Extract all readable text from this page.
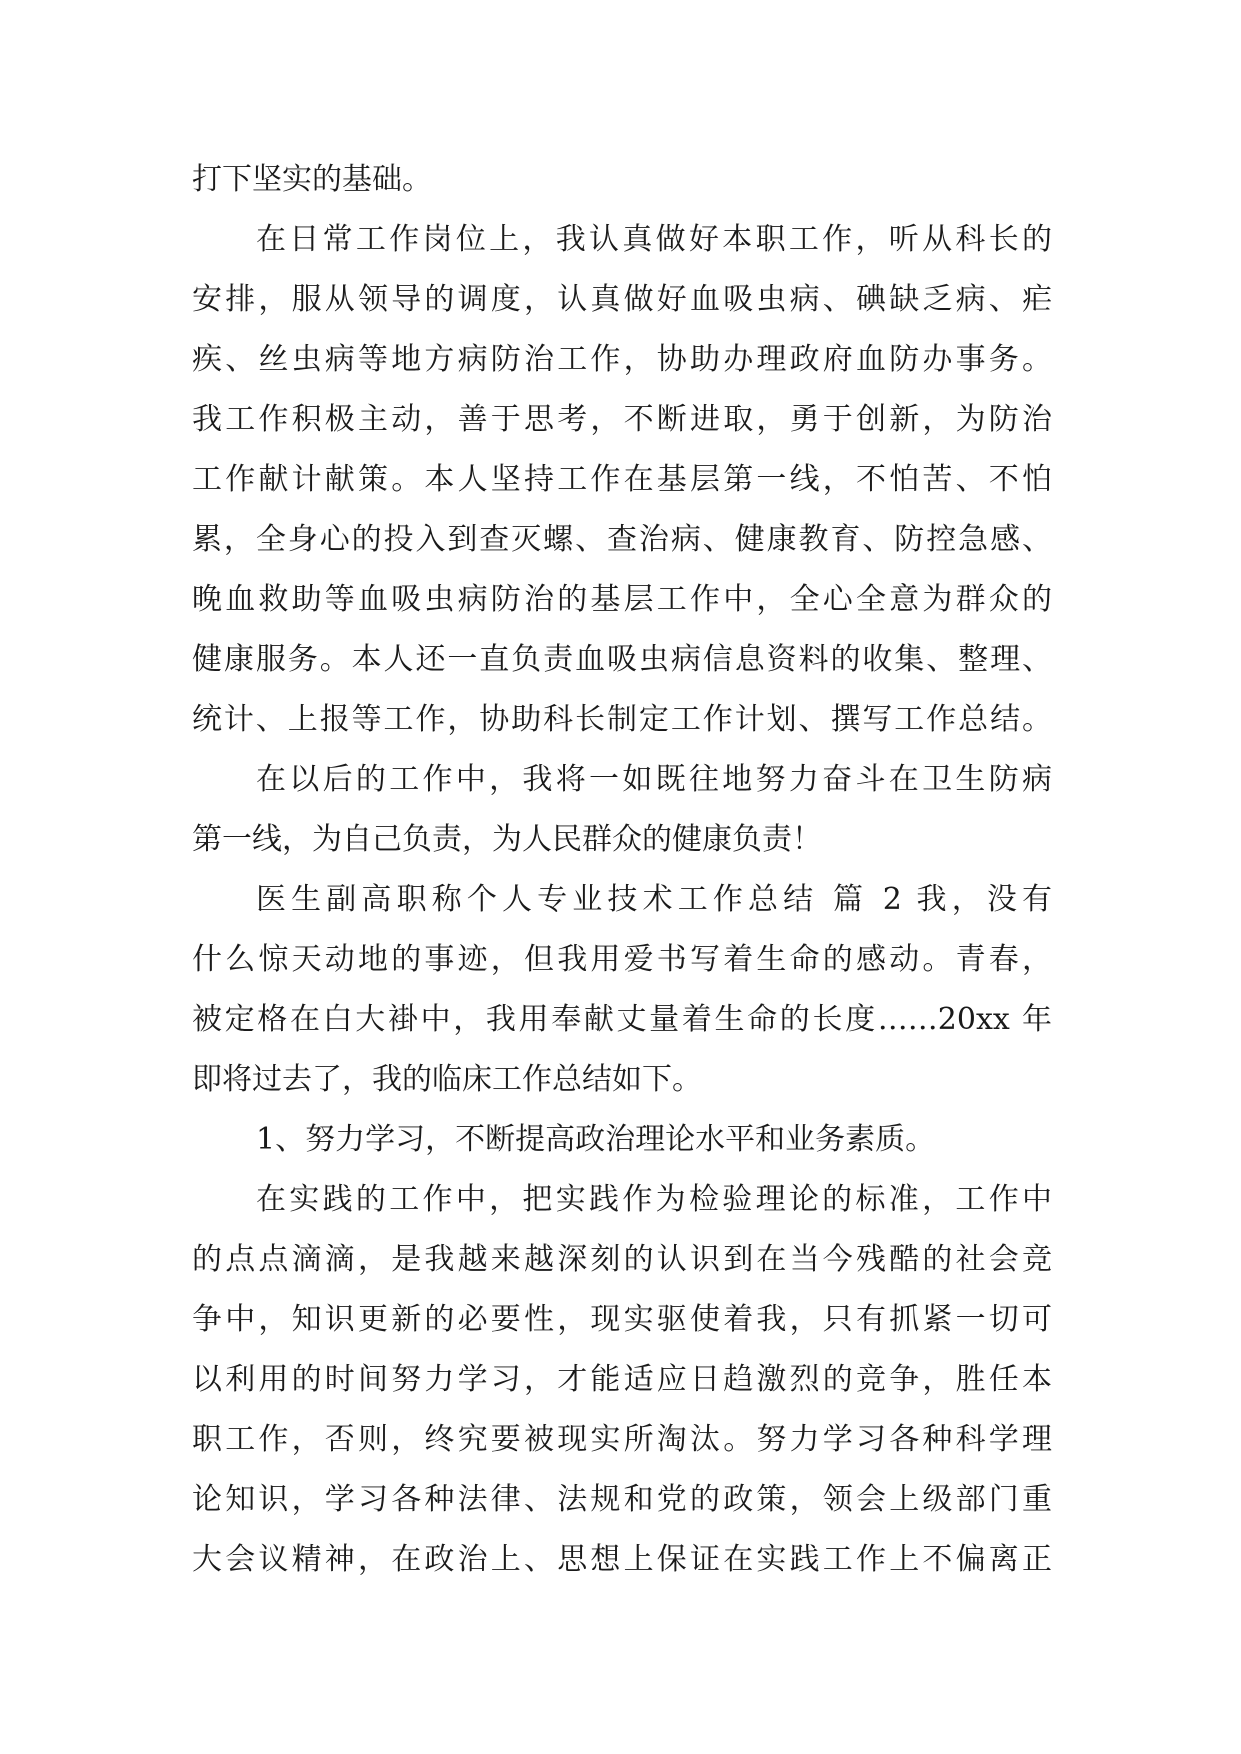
打下坚实的基础。
在日常工作岗位上，我认真做好本职工作，听从科长的
安排，服从领导的调度，认真做好血吸虫病、碘缺乏病、疟
疾、丝虫病等地方病防治工作，协助办理政府血防办事务。
我工作积极主动，善于思考，不断进取，勇于创新，为防治
工作献计献策。本人坚持工作在基层第一线，不怕苦、不怕
累，全身心的投入到查灭螺、查治病、健康教育、防控急感、
晚血救助等血吸虫病防治的基层工作中，全心全意为群众的
健康服务。本人还一直负责血吸虫病信息资料的收集、整理、
统计、上报等工作，协助科长制定工作计划、撰写工作总结。
在以后的工作中，我将一如既往地努力奋斗在卫生防病
第一线，为自己负责，为人民群众的健康负责！
医生副高职称个人专业技术工作总结 篇 2 我，没有
什么惊天动地的事迹，但我用爱书写着生命的感动。青春，
被定格在白大褂中，我用奉献丈量着生命的长度……20xx 年
即将过去了，我的临床工作总结如下。
1、努力学习，不断提高政治理论水平和业务素质。
在实践的工作中，把实践作为检验理论的标准，工作中
的点点滴滴，是我越来越深刻的认识到在当今残酷的社会竞
争中，知识更新的必要性，现实驱使着我，只有抓紧一切可
以利用的时间努力学习，才能适应日趋激烈的竞争，胜任本
职工作，否则，终究要被现实所淘汰。努力学习各种科学理
论知识，学习各种法律、法规和党的政策，领会上级部门重
大会议精神，在政治上、思想上保证在实践工作上不偏离正
